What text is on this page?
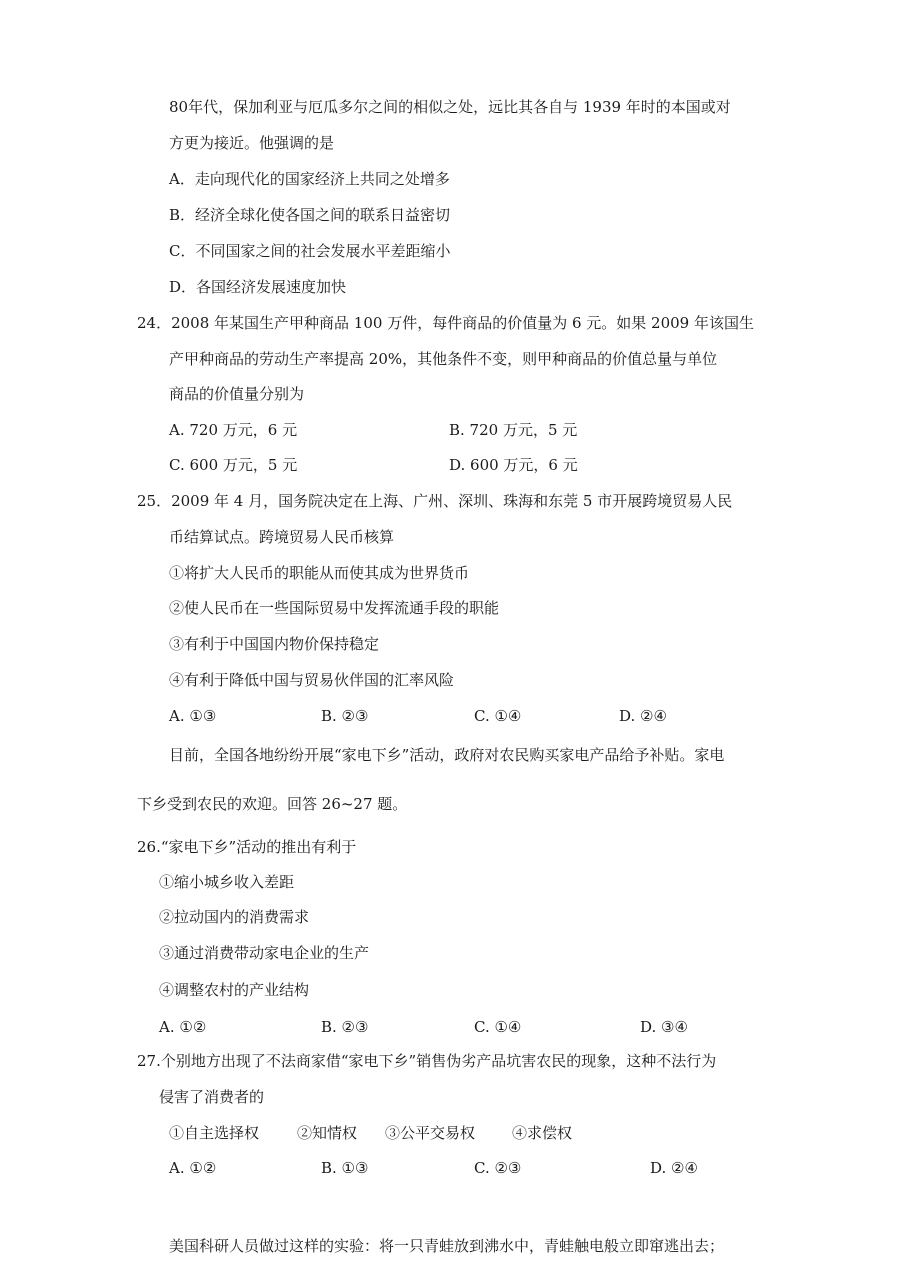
80年代，保加利亚与厄瓜多尔之间的相似之处，远比其各自与 1939 年时的本国或对
方更为接近。他强调的是
A．走向现代化的国家经济上共同之处增多
B．经济全球化使各国之间的联系日益密切
C．不同国家之间的社会发展水平差距缩小
D．各国经济发展速度加快
24．2008 年某国生产甲种商品 100 万件，每件商品的价值量为 6 元。如果 2009 年该国生
产甲种商品的劳动生产率提高 20%，其他条件不变，则甲种商品的价值总量与单位
商品的价值量分别为
A. 720 万元，6 元	B. 720 万元，5 元
C. 600 万元，5 元	D. 600 万元，6 元
25．2009 年 4 月，国务院决定在上海、广州、深圳、珠海和东莞 5 市开展跨境贸易人民
币结算试点。跨境贸易人民币核算
①将扩大人民币的职能从而使其成为世界货币
②使人民币在一些国际贸易中发挥流通手段的职能
③有利于中国国内物价保持稳定
④有利于降低中国与贸易伙伴国的汇率风险
A. ①③	B. ②③	C. ①④	D. ②④
目前，全国各地纷纷开展“家电下乡”活动，政府对农民购买家电产品给予补贴。家电
下乡受到农民的欢迎。回答 26~27 题。
26.“家电下乡”活动的推出有利于
①缩小城乡收入差距
②拉动国内的消费需求
③通过消费带动家电企业的生产
④调整农村的产业结构
A. ①②	B. ②③	C. ①④	D. ③④
27.个别地方出现了不法商家借“家电下乡”销售伪劣产品坑害农民的现象，这种不法行为
侵害了消费者的
①自主选择权	②知情权 ③公平交易权 ④求偿权
A. ①②	B. ①③	C. ②③	D. ②④
美国科研人员做过这样的实验：将一只青蛙放到沸水中，青蛙触电般立即窜逃出去；
